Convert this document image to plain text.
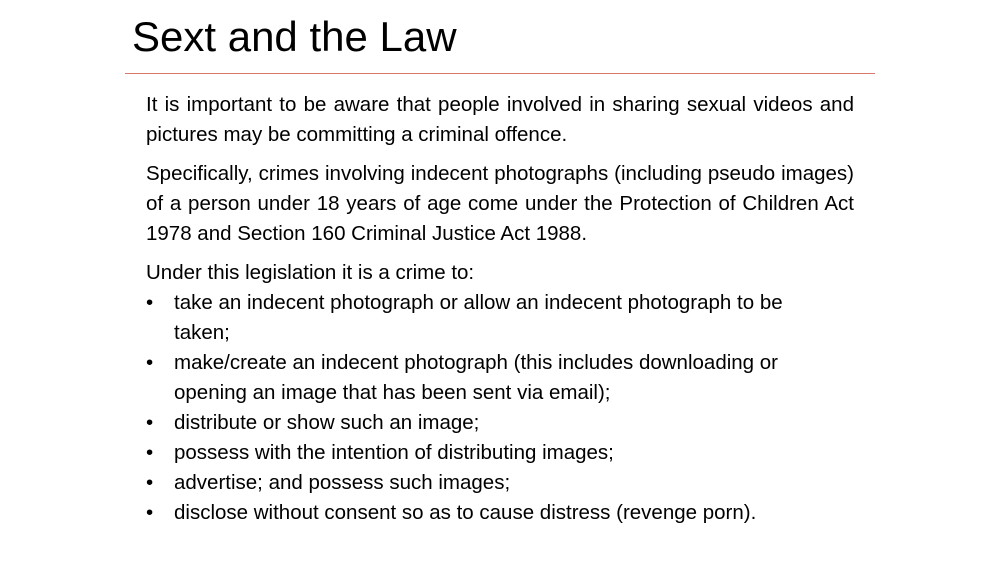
Sext and the Law

It is important to be aware that people involved in sharing sexual videos and pictures may be committing a criminal offence.

Specifically, crimes involving indecent photographs (including pseudo images) of a person under 18 years of age come under the Protection of Children Act 1978 and Section 160 Criminal Justice Act 1988.

Under this legislation it is a crime to:

•	take an indecent photograph or allow an indecent photograph to be taken;
•	make/create an indecent photograph (this includes downloading or opening an image that has been sent via email);
•	distribute or show such an image;
•	possess with the intention of distributing images;
•	advertise; and possess such images;
•	disclose without consent so as to cause distress (revenge porn).
